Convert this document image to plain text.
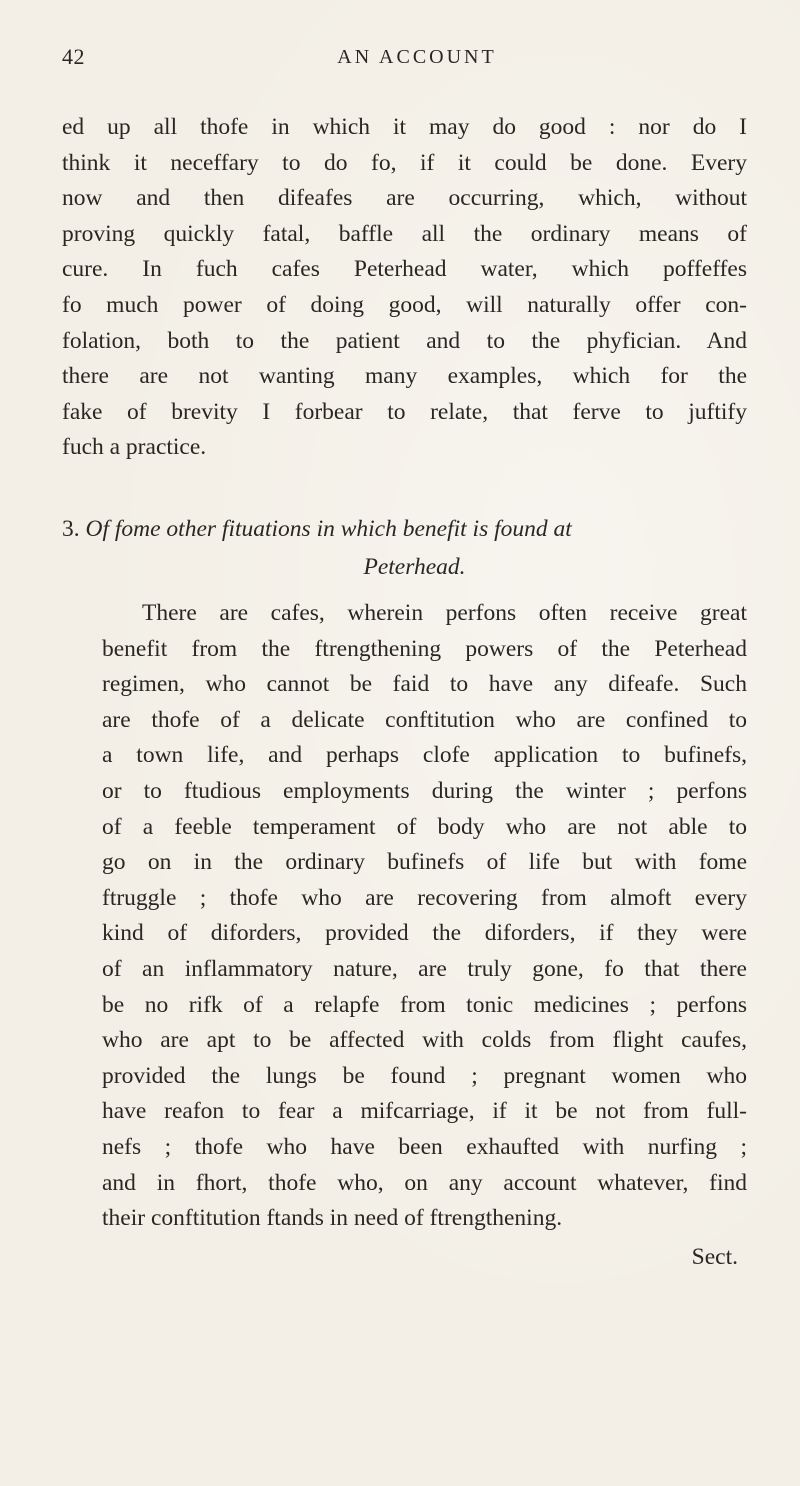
42	AN ACCOUNT
ed up all thofe in which it may do good : nor do I
think it neceffary to do fo, if it could be done. Every
now and then difeafes are occurring, which, without
proving quickly fatal, baffle all the ordinary means of
cure. In fuch cafes Peterhead water, which poffeffes
fo much power of doing good, will naturally offer con-
folation, both to the patient and to the phyfician. And
there are not wanting many examples, which for the
fake of brevity I forbear to relate, that ferve to juftify
fuch a practice.
3. Of fome other fituations in which benefit is found at
Peterhead.
There are cafes, wherein perfons often receive great
benefit from the ftrengthening powers of the Peterhead
regimen, who cannot be faid to have any difeafe. Such
are thofe of a delicate conftitution who are confined to
a town life, and perhaps clofe application to bufinefs,
or to ftudious employments during the winter ; perfons
of a feeble temperament of body who are not able to
go on in the ordinary bufinefs of life but with fome
ftruggle ; thofe who are recovering from almoft every
kind of diforders, provided the diforders, if they were
of an inflammatory nature, are truly gone, fo that there
be no rifk of a relapfe from tonic medicines ; perfons
who are apt to be affected with colds from flight caufes,
provided the lungs be found ; pregnant women who
have reafon to fear a mifcarriage, if it be not from full-
nefs ; thofe who have been exhaufted with nurfing ;
and in fhort, thofe who, on any account whatever, find
their conftitution ftands in need of ftrengthening.
Sect.
